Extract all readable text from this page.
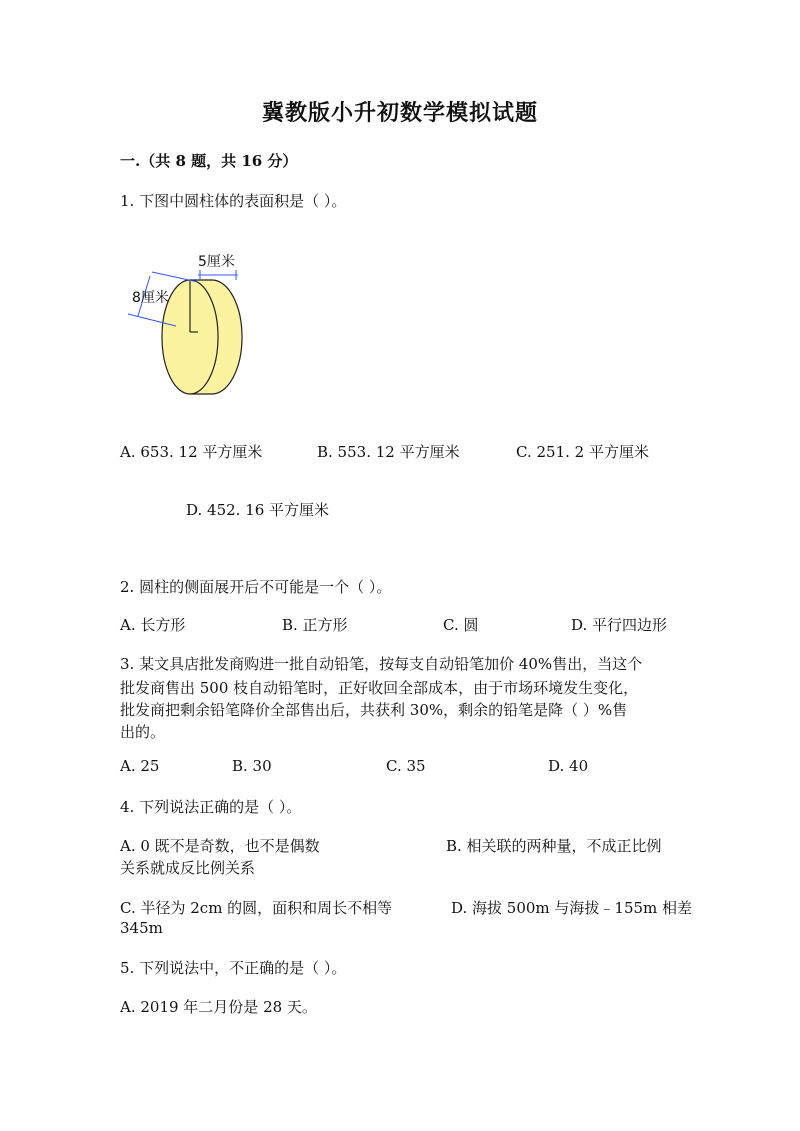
冀教版小升初数学模拟试题
一.（共 8 题，共 16 分）
1. 下图中圆柱体的表面积是（ ）。
5厘米
8厘米
A. 653. 12 平方厘米	B. 553. 12 平方厘米	C. 251. 2 平方厘米
D. 452. 16 平方厘米
2. 圆柱的侧面展开后不可能是一个（ ）。
A. 长方形	B. 正方形	C. 圆	D. 平行四边形
3. 某文具店批发商购进一批自动铅笔，按每支自动铅笔加价 40%售出，当这个
批发商售出 500 枝自动铅笔时，正好收回全部成本，由于市场环境发生变化，
批发商把剩余铅笔降价全部售出后，共获利 30%，剩余的铅笔是降（ ）%售
出的。
A. 25	B. 30	C. 35	D. 40
4. 下列说法正确的是（ ）。
A. 0 既不是奇数，也不是偶数	B. 相关联的两种量，不成正比例
关系就成反比例关系
C. 半径为 2cm 的圆，面积和周长不相等	D. 海拔 500m 与海拔﹣155m 相差
345m
5. 下列说法中，不正确的是（ ）。
A. 2019 年二月份是 28 天。
